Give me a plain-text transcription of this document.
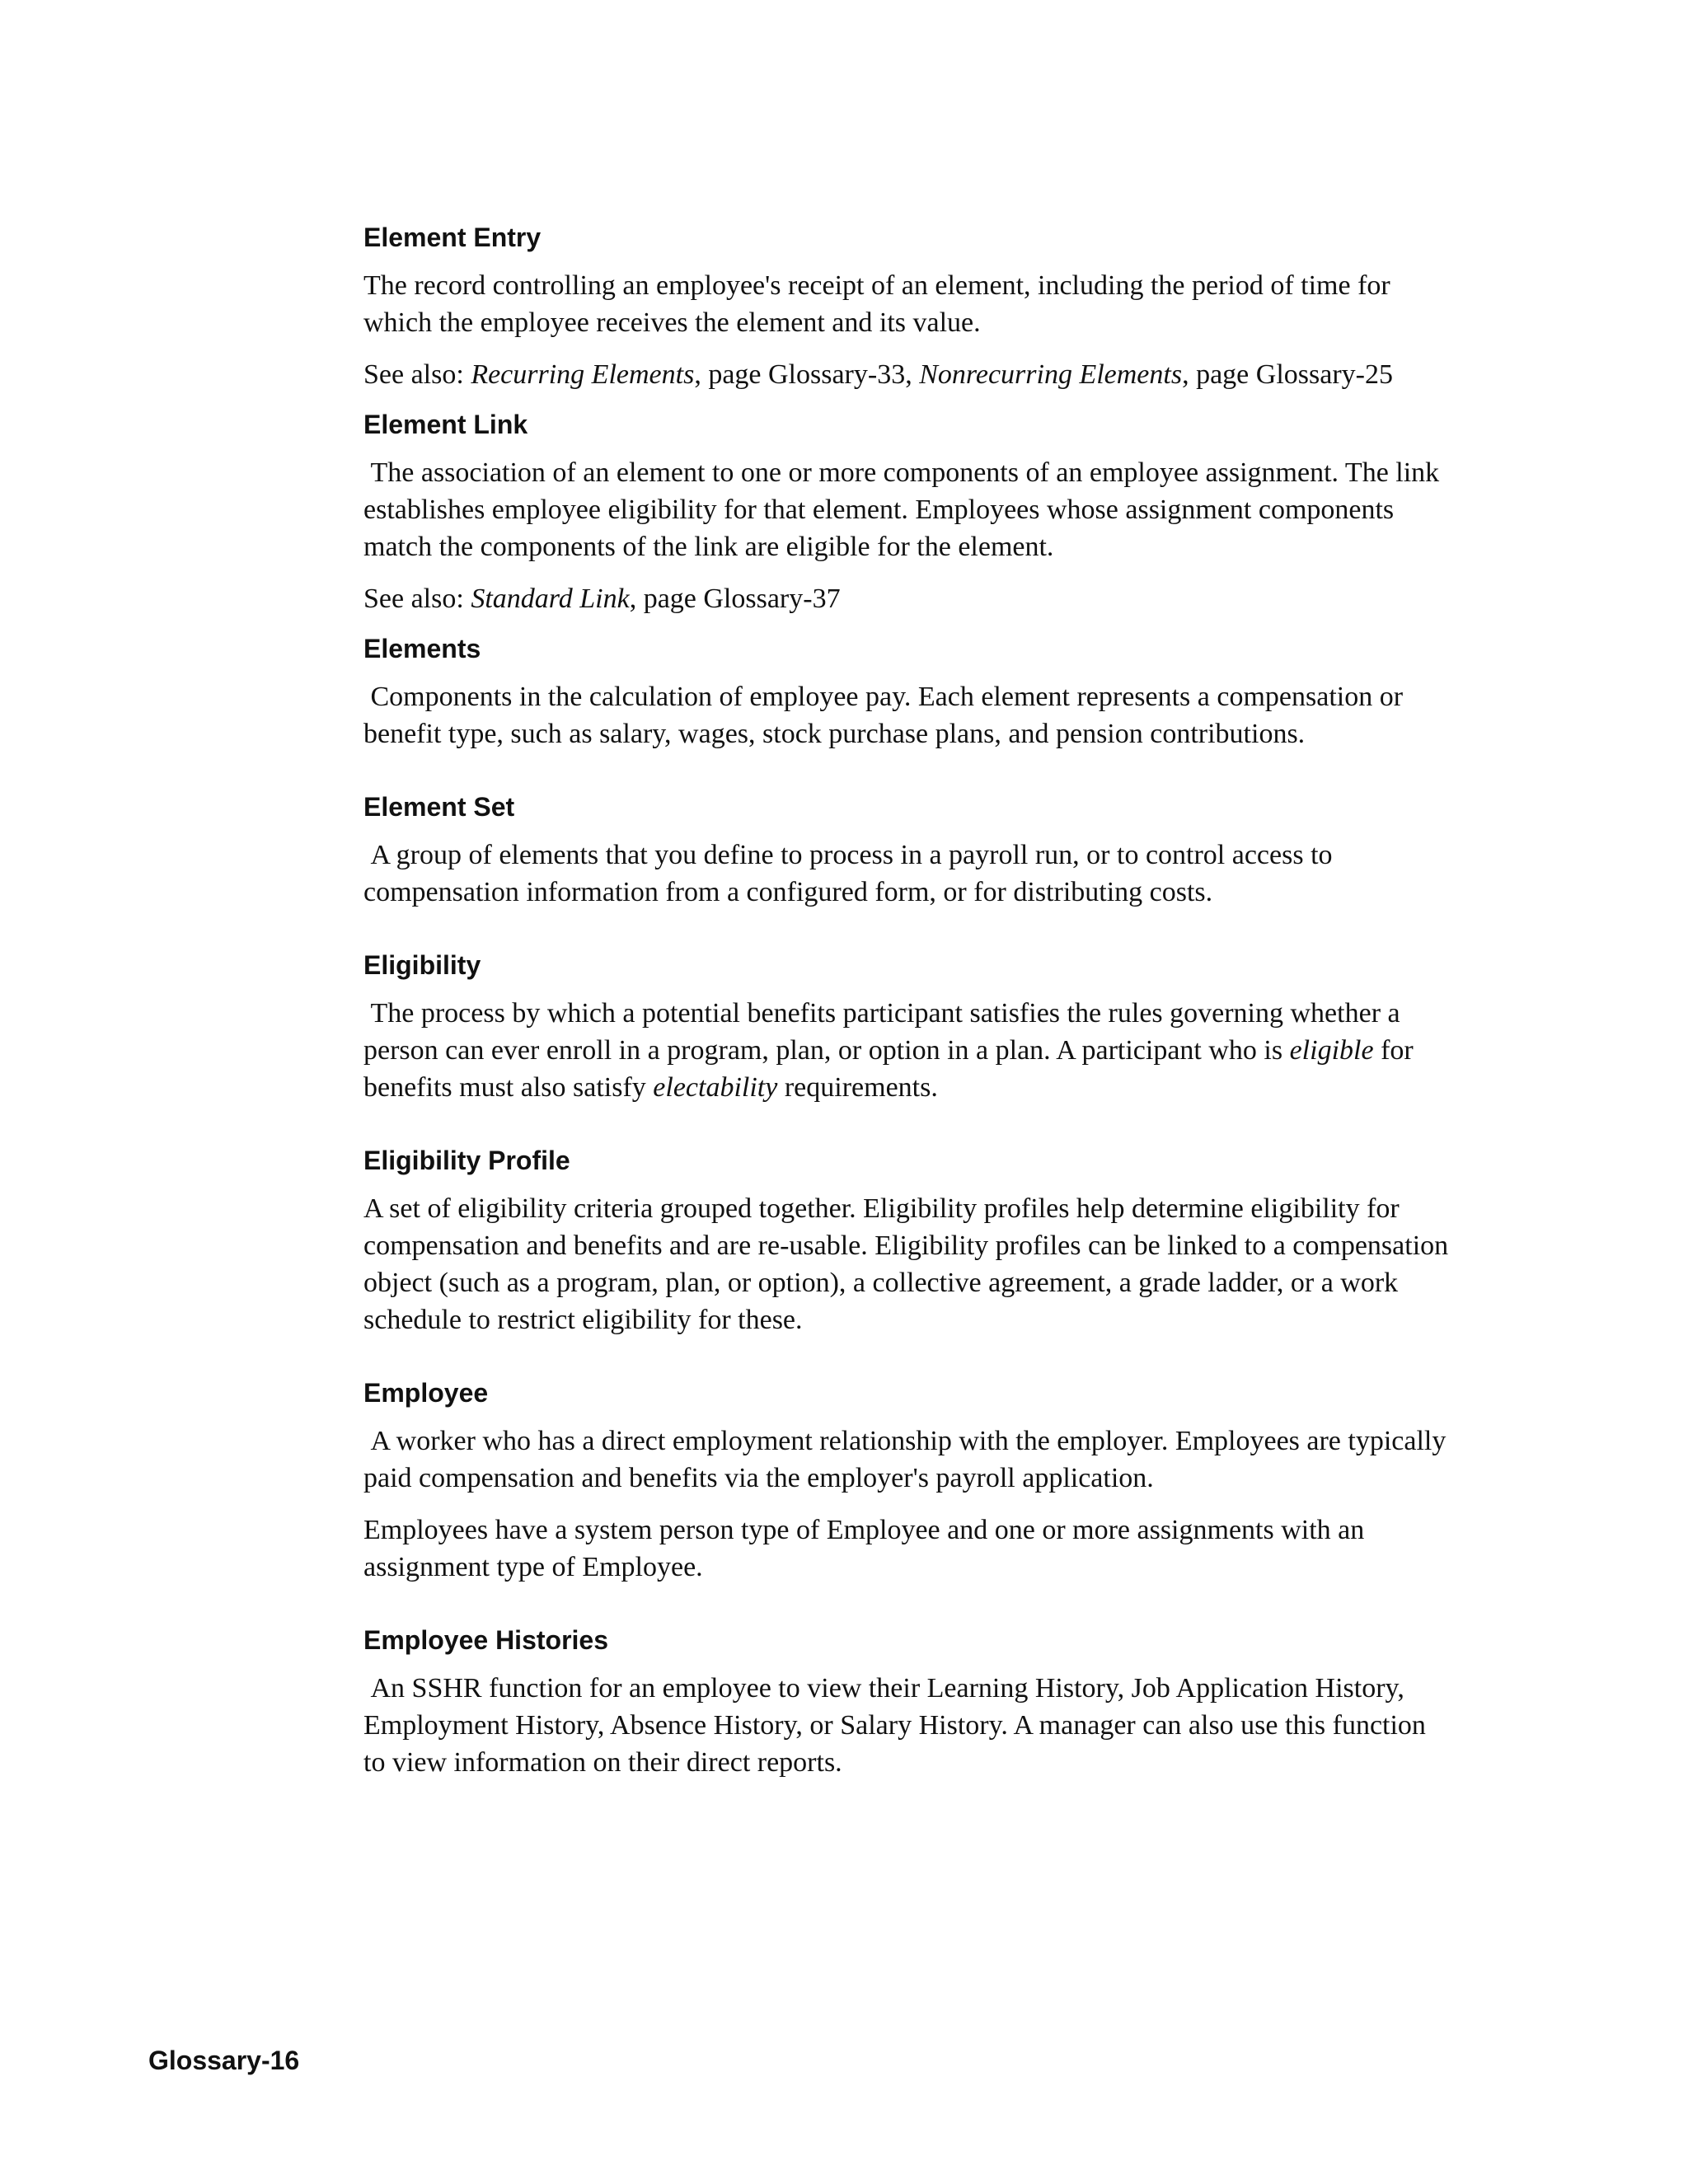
Element Entry
The record controlling an employee's receipt of an element, including the period of time for which the employee receives the element and its value.
See also: Recurring Elements, page Glossary-33, Nonrecurring Elements, page Glossary-25
Element Link
The association of an element to one or more components of an employee assignment. The link establishes employee eligibility for that element. Employees whose assignment components match the components of the link are eligible for the element.
See also: Standard Link, page Glossary-37
Elements
Components in the calculation of employee pay. Each element represents a compensation or benefit type, such as salary, wages, stock purchase plans, and pension contributions.
Element Set
A group of elements that you define to process in a payroll run, or to control access to compensation information from a configured form, or for distributing costs.
Eligibility
The process by which a potential benefits participant satisfies the rules governing whether a person can ever enroll in a program, plan, or option in a plan. A participant who is eligible for benefits must also satisfy electability requirements.
Eligibility Profile
A set of eligibility criteria grouped together. Eligibility profiles help determine eligibility for compensation and benefits and are re-usable. Eligibility profiles can be linked to a compensation object (such as a program, plan, or option), a collective agreement, a grade ladder, or a work schedule to restrict eligibility for these.
Employee
A worker who has a direct employment relationship with the employer. Employees are typically paid compensation and benefits via the employer's payroll application.
Employees have a system person type of Employee and one or more assignments with an assignment type of Employee.
Employee Histories
An SSHR function for an employee to view their Learning History, Job Application History, Employment History, Absence History, or Salary History. A manager can also use this function to view information on their direct reports.
Glossary-16
